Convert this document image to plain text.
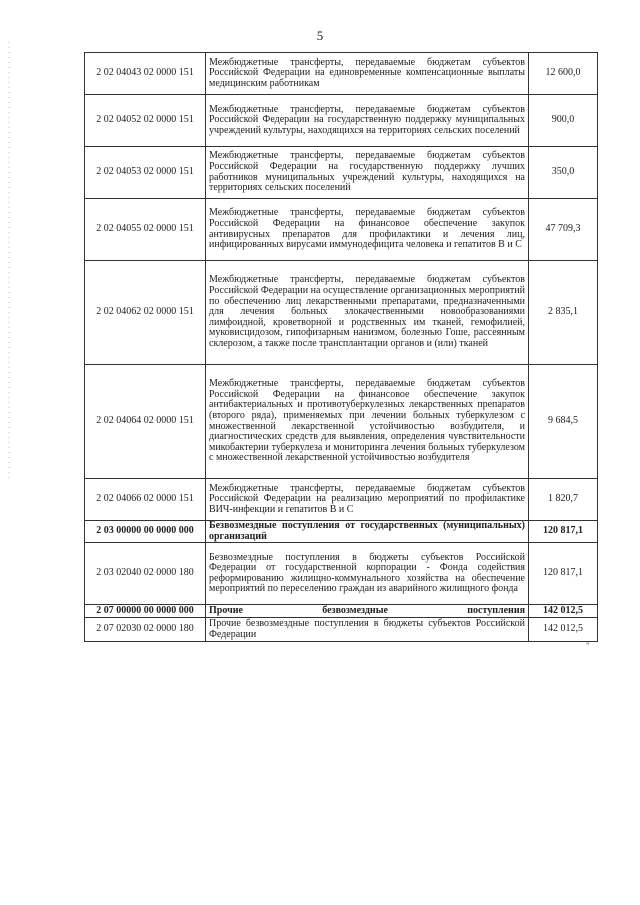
5
2 02 04043 02 0000 151	Межбюджетные трансферты, передаваемые бюджетам субъектов Российской Федерации на единовременные компенсационные выплаты медицинским работникам	12 600,0
2 02 04052 02 0000 151	Межбюджетные трансферты, передаваемые бюджетам субъектов Российской Федерации на государственную поддержку муниципальных учреждений культуры, находящихся на территориях сельских поселений	900,0
2 02 04053 02 0000 151	Межбюджетные трансферты, передаваемые бюджетам субъектов Российской Федерации на государственную поддержку лучших работников муниципальных учреждений культуры, находящихся на территориях сельских поселений	350,0
2 02 04055 02 0000 151	Межбюджетные трансферты, передаваемые бюджетам субъектов Российской Федерации на финансовое обеспечение закупок антивирусных препаратов для профилактики и лечения лиц, инфицированных вирусами иммунодефицита человека и гепатитов В и С	47 709,3
2 02 04062 02 0000 151	Межбюджетные трансферты, передаваемые бюджетам субъектов Российской Федерации на осуществление организационных мероприятий по обеспечению лиц лекарственными препаратами, предназначенными для лечения больных злокачественными новообразованиями лимфоидной, кроветворной и родственных им тканей, гемофилией, муковисцидозом, гипофизарным нанизмом, болезнью Гоше, рассеянным склерозом, а также после трансплантации органов и (или) тканей	2 835,1
2 02 04064 02 0000 151	Межбюджетные трансферты, передаваемые бюджетам субъектов Российской Федерации на финансовое обеспечение закупок антибактериальных и противотуберкулезных лекарственных препаратов (второго ряда), применяемых при лечении больных туберкулезом с множественной лекарственной устойчивостью возбудителя, и диагностических средств для выявления, определения чувствительности микобактерии туберкулеза и мониторинга лечения больных туберкулезом с множественной лекарственной устойчивостью возбудителя	9 684,5
2 02 04066 02 0000 151	Межбюджетные трансферты, передаваемые бюджетам субъектов Российской Федерации на реализацию мероприятий по профилактике ВИЧ-инфекции и гепатитов В и С	1 820,7
2 03 00000 00 0000 000	Безвозмездные поступления от государственных (муниципальных) организаций	120 817,1
2 03 02040 02 0000 180	Безвозмездные поступления в бюджеты субъектов Российской Федерации от государственной корпорации - Фонда содействия реформированию жилищно-коммунального хозяйства на обеспечение мероприятий по переселению граждан из аварийного жилищного фонда	120 817,1
2 07 00000 00 0000 000	Прочие безвозмездные поступления	142 012,5
2 07 02030 02 0000 180	Прочие безвозмездные поступления в бюджеты субъектов Российской Федерации	142 012,5
"
